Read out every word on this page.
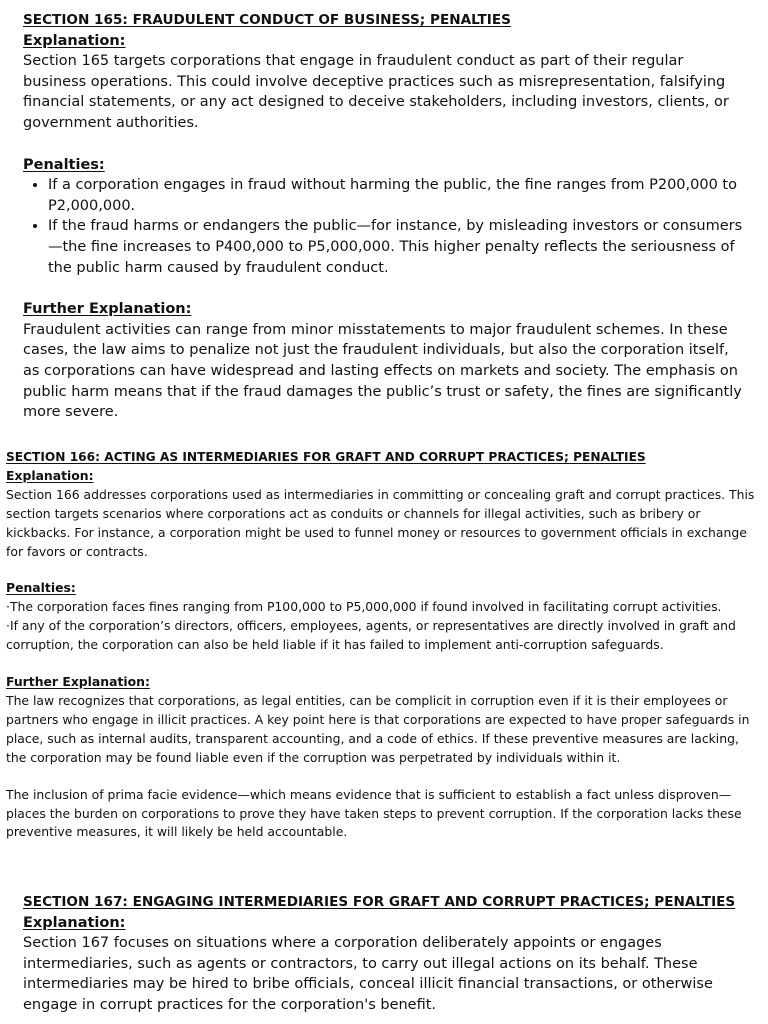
SECTION 165: FRAUDULENT CONDUCT OF BUSINESS; PENALTIES

Explanation:

Section 165 targets corporations that engage in fraudulent conduct as part of their regular business operations. This could involve deceptive practices such as misrepresentation, falsifying financial statements, or any act designed to deceive stakeholders, including investors, clients, or government authorities.

Penalties:

• If a corporation engages in fraud without harming the public, the fine ranges from P200,000 to P2,000,000.
• If the fraud harms or endangers the public—for instance, by misleading investors or consumers—the fine increases to P400,000 to P5,000,000. This higher penalty reflects the seriousness of the public harm caused by fraudulent conduct.

Further Explanation:

Fraudulent activities can range from minor misstatements to major fraudulent schemes. In these cases, the law aims to penalize not just the fraudulent individuals, but also the corporation itself, as corporations can have widespread and lasting effects on markets and society. The emphasis on public harm means that if the fraud damages the public’s trust or safety, the fines are significantly more severe.

SECTION 166: ACTING AS INTERMEDIARIES FOR GRAFT AND CORRUPT PRACTICES; PENALTIES

Explanation:

Section 166 addresses corporations used as intermediaries in committing or concealing graft and corrupt practices. This section targets scenarios where corporations act as conduits or channels for illegal activities, such as bribery or kickbacks. For instance, a corporation might be used to funnel money or resources to government officials in exchange for favors or contracts.

Penalties:

·The corporation faces fines ranging from P100,000 to P5,000,000 if found involved in facilitating corrupt activities.

·If any of the corporation’s directors, officers, employees, agents, or representatives are directly involved in graft and corruption, the corporation can also be held liable if it has failed to implement anti-corruption safeguards.

Further Explanation:

The law recognizes that corporations, as legal entities, can be complicit in corruption even if it is their employees or partners who engage in illicit practices. A key point here is that corporations are expected to have proper safeguards in place, such as internal audits, transparent accounting, and a code of ethics. If these preventive measures are lacking, the corporation may be found liable even if the corruption was perpetrated by individuals within it.

The inclusion of prima facie evidence—which means evidence that is sufficient to establish a fact unless disproven—places the burden on corporations to prove they have taken steps to prevent corruption. If the corporation lacks these preventive measures, it will likely be held accountable.

SECTION 167: ENGAGING INTERMEDIARIES FOR GRAFT AND CORRUPT PRACTICES; PENALTIES

Explanation:

Section 167 focuses on situations where a corporation deliberately appoints or engages intermediaries, such as agents or contractors, to carry out illegal actions on its behalf. These intermediaries may be hired to bribe officials, conceal illicit financial transactions, or otherwise engage in corrupt practices for the corporation's benefit.
